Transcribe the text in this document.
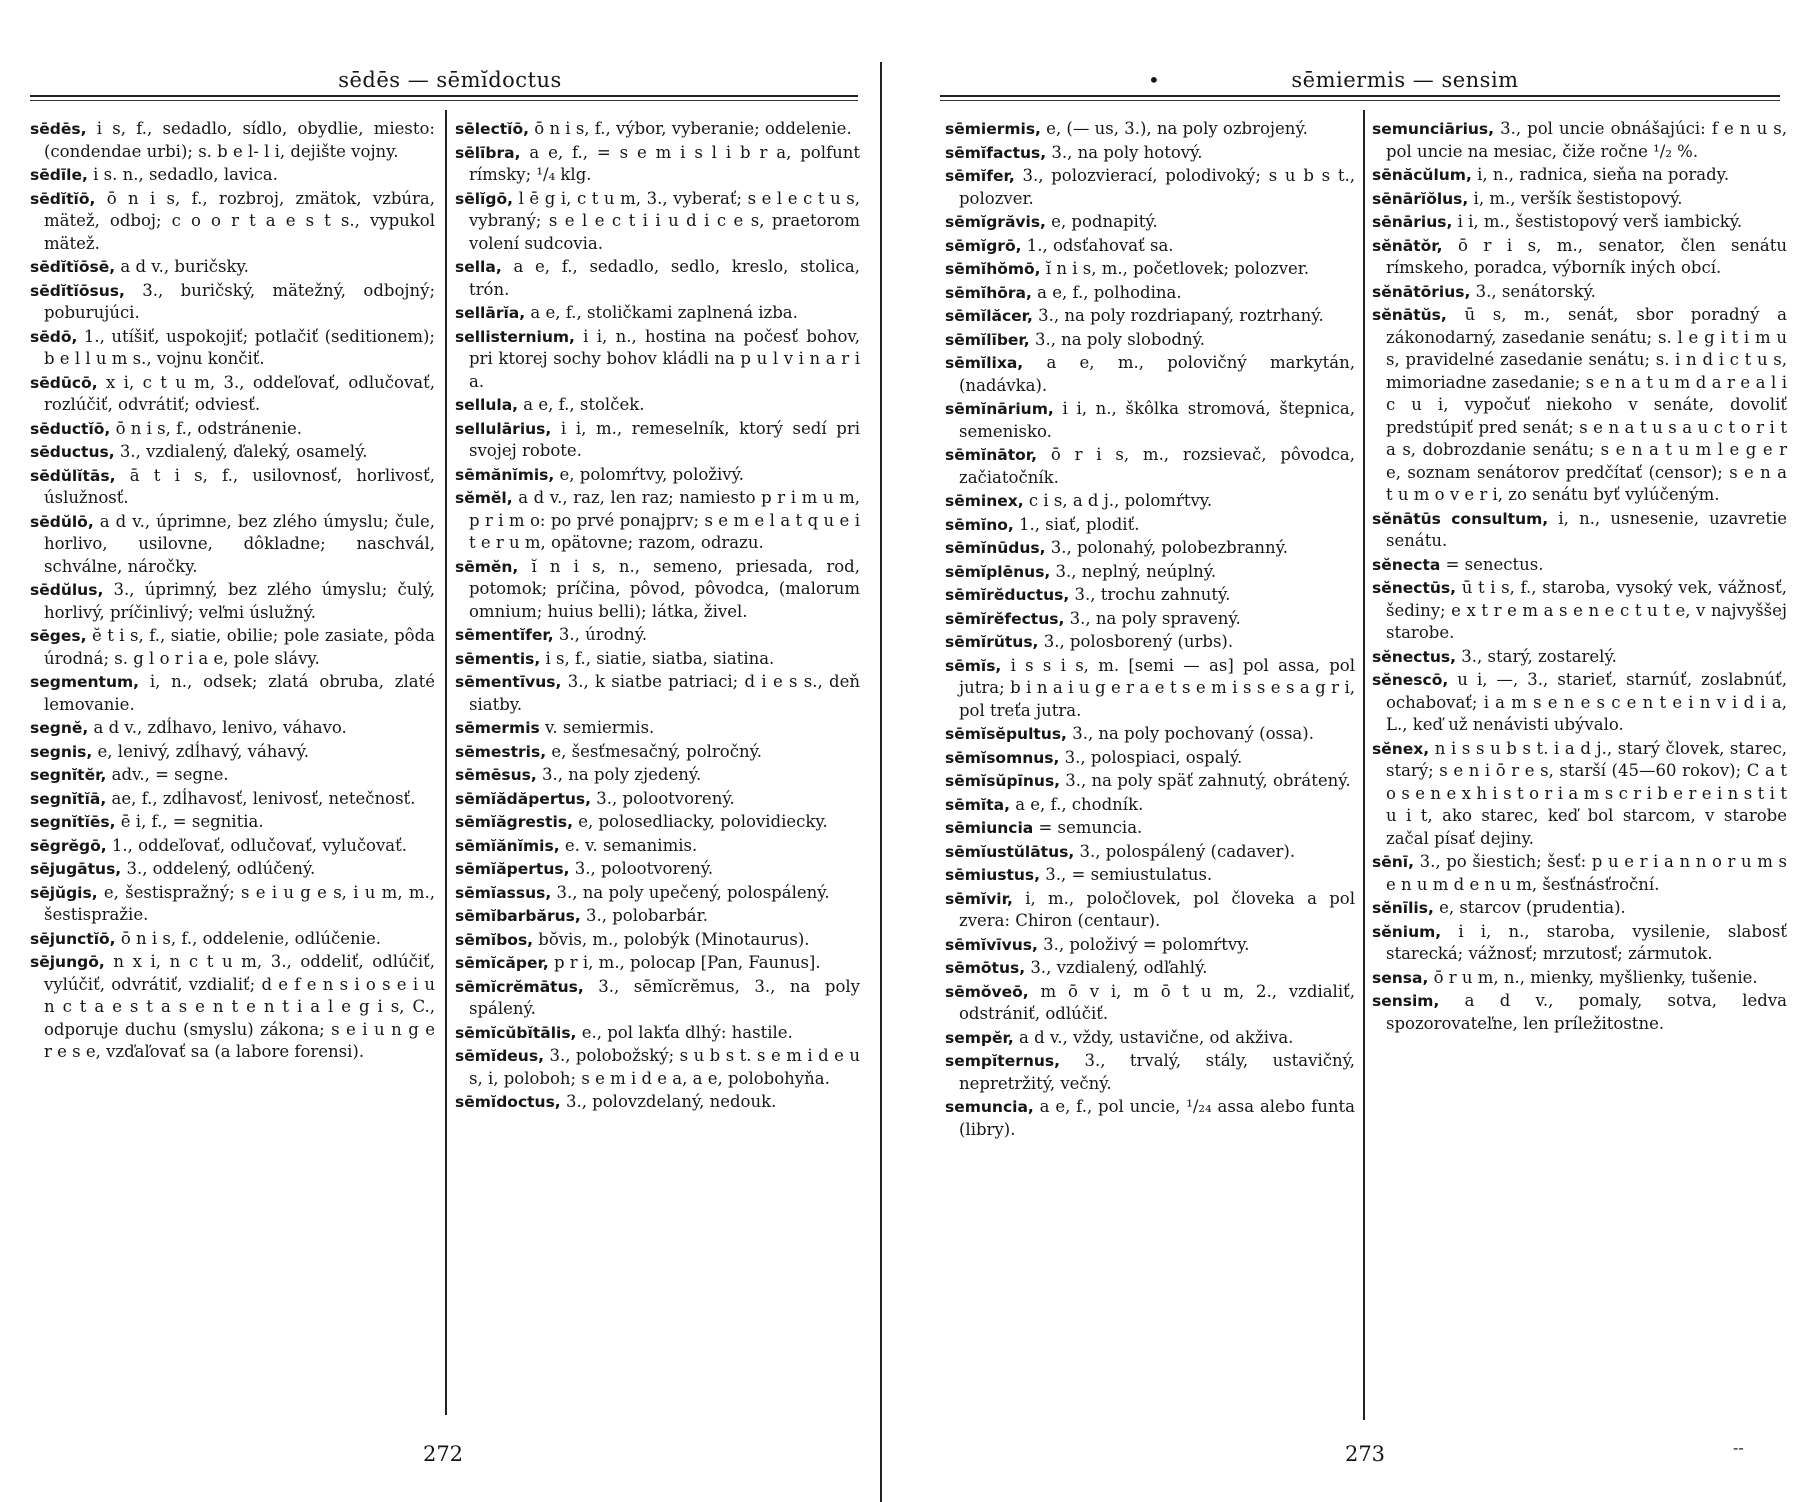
sēdēs — sēmĭdoctus

sēdēs, i s, f., sedadlo, sídlo, obydlie, miesto: (condendae urbi); s. b e l- l i, dejište vojny.

sēdīle, i s. n., sedadlo, lavica.

sēdĭtĭō, ō n i s, f., rozbroj, zmätok, vzbúra, mätež, odboj; c o o r t a e s t s., vypukol mätež.

sēdĭtĭōsē, a d v., buričsky.

sēdĭtĭōsus, 3., buričský, mätežný, odbojný; poburujúci.

sēdō, 1., utíšiť, uspokojiť; potlačiť (seditionem); b e l l u m s., vojnu končiť.

sēdūcō, x i, c t u m, 3., oddeľovať, odlučovať, rozlúčiť, odvrátiť; odviesť.

sēductĭō, ō n i s, f., odstránenie.

sēductus, 3., vzdialený, ďaleký, osamelý.

sēdŭlĭtās, ā t i s, f., usilovnosť, horlivosť, úslužnosť.

sēdŭlō, a d v., úprimne, bez zlého úmyslu; čule, horlivo, usilovne, dôkladne; naschvál, schválne, náročky.

sēdŭlus, 3., úprimný, bez zlého úmyslu; čulý, horlivý, príčinlivý; veľmi úslužný.

sēges, ĕ t i s, f., siatie, obilie; pole zasiate, pôda úrodná; s. g l o r i a e, pole slávy.

segmentum, i, n., odsek; zlatá obruba, zlaté lemovanie.

segnĕ, a d v., zdĺhavo, lenivo, váhavo.

segnis, e, lenivý, zdĺhavý, váhavý.

segnĭtĕr, adv., = segne.

segnĭtĭā, ae, f., zdĺhavosť, lenivosť, netečnosť.

segnĭtĭēs, ē i, f., = segnitia.

sēgrĕgō, 1., oddeľovať, odlučovať, vylučovať.

sējugātus, 3., oddelený, odlúčený.

sējŭgis, e, šestispražný; s e i u g e s, i u m, m., šestispražie.

sējunctĭō, ō n i s, f., oddelenie, odlúčenie.

sējungō, n x i, n c t u m, 3., oddeliť, odlúčiť, vylúčiť, odvrátiť, vzdialiť; d e f e n s i o s e i u n c t a e s t a s e n t e n t i a l e g i s, C., odporuje duchu (smyslu) zákona; s e i u n g e r e s e, vzďaľovať sa (a labore forensi).

sēlectĭō, ō n i s, f., výbor, vyberanie; oddelenie.

sēlībra, a e, f., = s e m i s l i b r a, polfunt rímsky; ¹/₄ klg.

sēlĭgō, l ē g i, c t u m, 3., vyberať; s e l e c t u s, vybraný; s e l e c t i i u d i c e s, praetorom volení sudcovia.

sella, a e, f., sedadlo, sedlo, kreslo, stolica, trón.

sellārĭa, a e, f., stoličkami zaplnená izba.

sellisternium, i i, n., hostina na počesť bohov, pri ktorej sochy bohov kládli na p u l v i n a r i a.

sellula, a e, f., stolček.

sellulārius, i i, m., remeselník, ktorý sedí pri svojej robote.

sēmănĭmis, e, polomŕtvy, položivý.

sĕmĕl, a d v., raz, len raz; namiesto p r i m u m, p r i m o: po prvé ponajprv; s e m e l a t q u e i t e r u m, opätovne; razom, odrazu.

sēmĕn, ĭ n i s, n., semeno, priesada, rod, potomok; príčina, pôvod, pôvodca, (malorum omnium; huius belli); látka, živel.

sēmentĭfer, 3., úrodný.

sēmentis, i s, f., siatie, siatba, siatina.

sēmentīvus, 3., k siatbe patriaci; d i e s s., deň siatby.

sēmermis v. semiermis.

sēmestris, e, šesťmesačný, polročný.

sēmēsus, 3., na poly zjedený.

sēmĭădăpertus, 3., polootvorený.

sēmĭăgrestis, e, polosedliacky, polovidiecky.

sēmĭănĭmis, e. v. semanimis.

sēmĭăpertus, 3., polootvorený.

sēmĭassus, 3., na poly upečený, polospálený.

sēmĭbarbărus, 3., polobarbár.

sēmĭbos, bŏvis, m., polobýk (Minotaurus).

sēmĭcăper, p r i, m., polocap [Pan, Faunus].

sēmĭcrĕmātus, 3., sēmĭcrĕmus, 3., na poly spálený.

sēmĭcŭbĭtālis, e., pol lakťa dlhý: hastile.

sēmĭdeus, 3., polobožský; s u b s t. s e m i d e u s, i, poloboh; s e m i d e a, a e, polobohyňa.

sēmĭdoctus, 3., polovzdelaný, nedouk.

272
•	sēmiermis — sensim

sēmiermis, e, (— us, 3.), na poly ozbrojený.

sēmĭfactus, 3., na poly hotový.

sēmĭfer, 3., polozvierací, polodivoký; s u b s t., polozver.

sēmĭgrăvis, e, podnapitý.

sēmĭgrō, 1., odsťahovať sa.

sēmĭhŏmō, ĭ n i s, m., početlovek; polozver.

sēmĭhōra, a e, f., polhodina.

sēmĭlăcer, 3., na poly rozdriapaný, roztrhaný.

sēmĭlīber, 3., na poly slobodný.

sēmĭlixa, a e, m., polovičný markytán, (nadávka).

sēmĭnārium, i i, n., škôlka stromová, štepnica, semenisko.

sēmĭnātor, ō r i s, m., rozsievač, pôvodca, začiatočník.

sēminex, c i s, a d j., polomŕtvy.

sēmĭno, 1., siať, plodiť.

sēmĭnūdus, 3., polonahý, polobezbranný.

sēmĭplēnus, 3., neplný, neúplný.

sēmĭrĕductus, 3., trochu zahnutý.

sēmĭrĕfectus, 3., na poly spravený.

sēmĭrŭtus, 3., polosborený (urbs).

sēmĭs, i s s i s, m. [semi — as] pol assa, pol jutra; b i n a i u g e r a e t s e m i s s e s a g r i, pol treťa jutra.

sēmĭsĕpultus, 3., na poly pochovaný (ossa).

sēmĭsomnus, 3., polospiaci, ospalý.

sēmĭsŭpīnus, 3., na poly späť zahnutý, obrátený.

sēmĭta, a e, f., chodník.

sēmiuncia = semuncia.

sēmĭustŭlātus, 3., polospálený (cadaver).

sēmiustus, 3., = semiustulatus.

sēmĭvir, i, m., poločlovek, pol človeka a pol zvera: Chiron (centaur).

sēmĭvīvus, 3., položivý = polomŕtvy.

sēmōtus, 3., vzdialený, odľahlý.

sēmŏveō, m ō v i, m ō t u m, 2., vzdialiť, odstrániť, odlúčiť.

sempĕr, a d v., vždy, ustavične, od akživa.

sempĭternus, 3., trvalý, stály, ustavičný, nepretržitý, večný.

semuncia, a e, f., pol uncie, ¹/₂₄ assa alebo funta (libry).

semunciārius, 3., pol uncie obnášajúci: f e n u s, pol uncie na mesiac, čiže ročne ¹/₂ %.

sēnăcŭlum, i, n., radnica, sieňa na porady.

sēnārĭŏlus, i, m., veršík šestistopový.

sēnārius, i i, m., šestistopový verš iambický.

sĕnātŏr, ō r i s, m., senator, člen senátu rímskeho, poradca, výborník iných obcí.

sĕnātōrius, 3., senátorský.

sĕnātŭs, ū s, m., senát, sbor poradný a zákonodarný, zasedanie senátu; s. l e g i t i m u s, pravidelné zasedanie senátu; s. i n d i c t u s, mimoriadne zasedanie; s e n a t u m d a r e a l i c u i, vypočuť niekoho v senáte, dovoliť predstúpiť pred senát; s e n a t u s a u c t o r i t a s, dobrozdanie senátu; s e n a t u m l e g e r e, soznam senátorov predčítať (censor); s e n a t u m o v e r i, zo senátu byť vylúčeným.

sĕnātūs consultum, i, n., usnesenie, uzavretie senátu.

sĕnecta = senectus.

sĕnectūs, ū t i s, f., staroba, vysoký vek, vážnosť, šediny; e x t r e m a s e n e c t u t e, v najvyššej starobe.

sĕnectus, 3., starý, zostarelý.

sĕnescō, u i, —, 3., starieť, starnúť, zoslabnúť, ochabovať; i a m s e n e s c e n t e i n v i d i a, L., keď už nenávisti ubývalo.

sĕnex, n i s s u b s t. i a d j., starý človek, starec, starý; s e n i ō r e s, starší (45—60 rokov); C a t o s e n e x h i s t o r i a m s c r i b e r e i n s t i t u i t, ako starec, keď bol starcom, v starobe začal písať dejiny.

sēnī, 3., po šiestich; šesť: p u e r i a n n o r u m s e n u m d e n u m, šesťnásťroční.

sĕnīlis, e, starcov (prudentia).

sĕnium, i i, n., staroba, vysilenie, slabosť starecká; vážnosť; mrzutosť; zármutok.

sensa, ō r u m, n., mienky, myšlienky, tušenie.

sensim, a d v., pomaly, sotva, ledva spozorovateľne, len príležitostne.

273	--
